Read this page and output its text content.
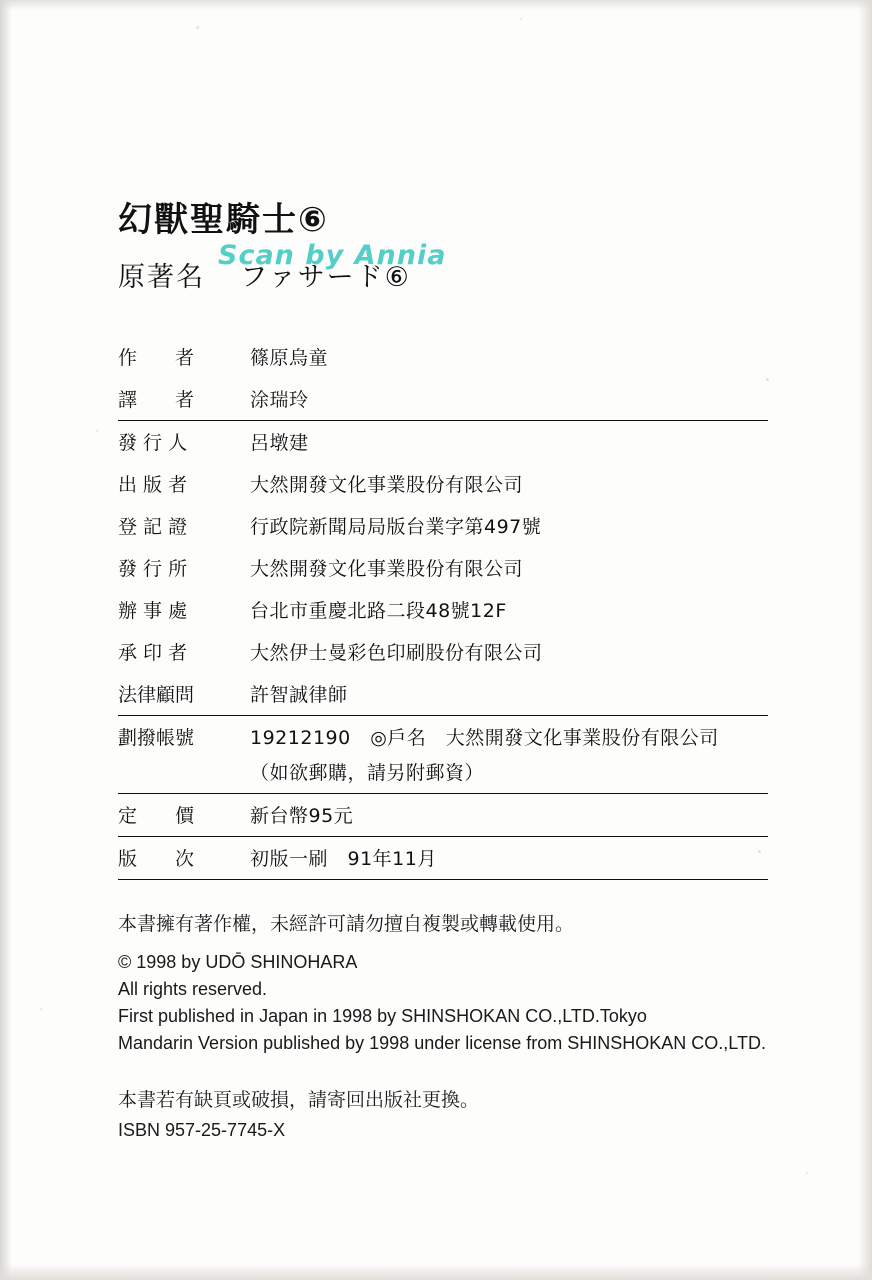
幻獸聖騎士⑥
Scan by Annia
原著名 ファサード⑥
作　　者	篠原烏童
譯　　者	涂瑞玲
發 行 人	呂墩建
出 版 者	大然開發文化事業股份有限公司
登 記 證	行政院新聞局局版台業字第497號
發 行 所	大然開發文化事業股份有限公司
辦 事 處	台北市重慶北路二段48號12F
承 印 者	大然伊士曼彩色印刷股份有限公司
法律顧問	許智誠律師
劃撥帳號	19212190　◎戶名　大然開發文化事業股份有限公司
	（如欲郵購，請另附郵資）
定　　價	新台幣95元
版　　次	初版一刷　91年11月
本書擁有著作權，未經許可請勿擅自複製或轉載使用。
© 1998 by UDŌ SHINOHARA
All rights reserved.
First published in Japan in 1998 by SHINSHOKAN CO.,LTD.Tokyo
Mandarin Version published by 1998 under license from SHINSHOKAN CO.,LTD.
本書若有缺頁或破損，請寄回出版社更換。
ISBN 957-25-7745-X
